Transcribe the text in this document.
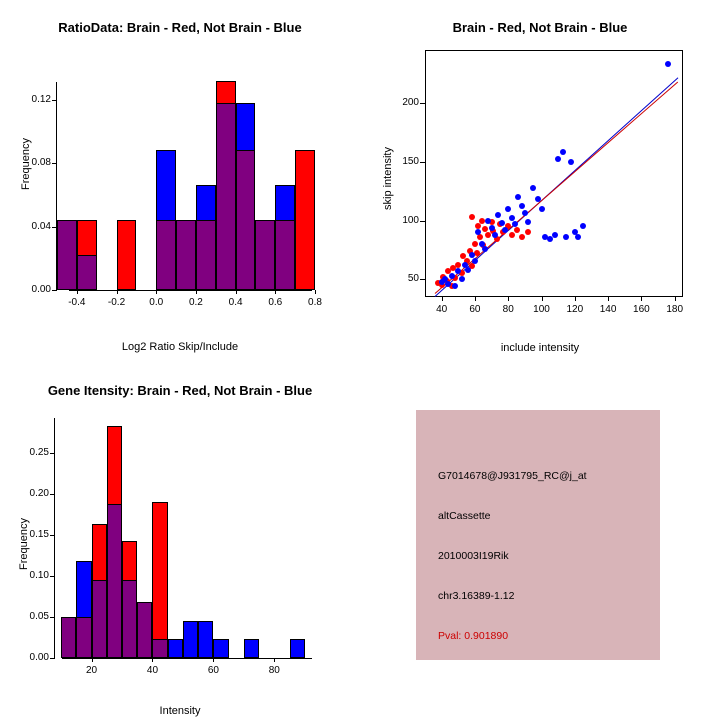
RatioData: Brain - Red, Not Brain - Blue
Frequency
Log2 Ratio Skip/Include
-0.4	-0.2	0.0	0.2	0.4	0.6	0.8
0.00
0.04
0.08
0.12
Brain - Red, Not Brain - Blue
skip intensity
include intensity
40	60	80	100	120	140	160	180
50
100
150
200
Gene Itensity: Brain - Red, Not Brain - Blue
Frequency
Intensity
20	40	60	80
0.00
0.05
0.10
0.15
0.20
0.25
G7014678@J931795_RC@j_at
altCassette
2010003I19Rik
chr3.16389-1.12
Pval: 0.901890
